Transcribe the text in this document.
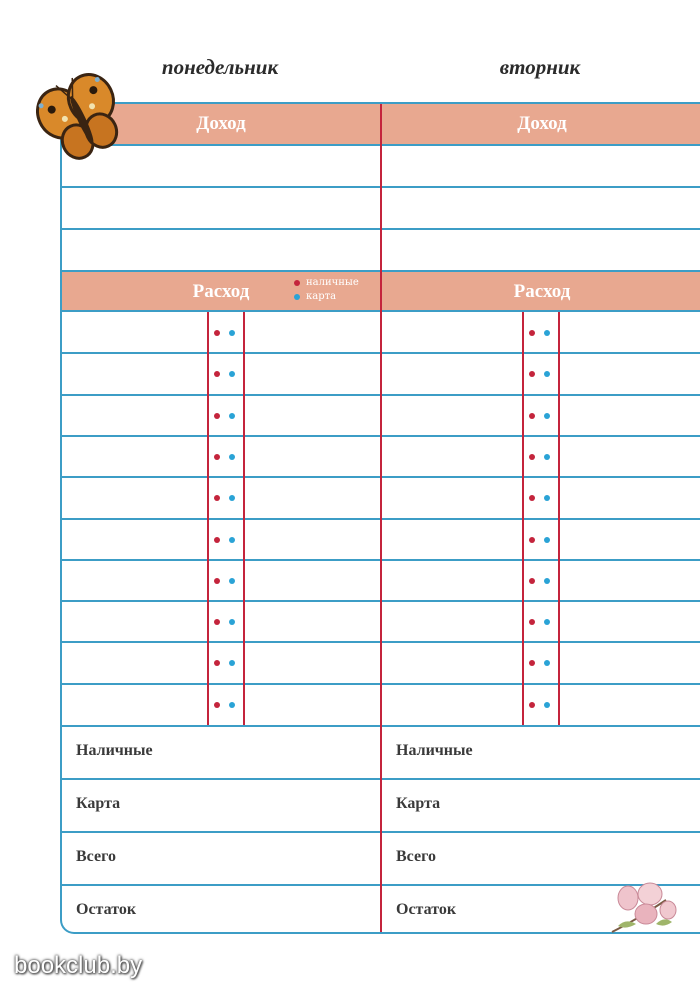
понедельник	вторник
Доход	Доход
Расход	Расход
наличные
карта
Наличные	Наличные
Карта	Карта
Всего	Всего
Остаток	Остаток
bookclub.by
